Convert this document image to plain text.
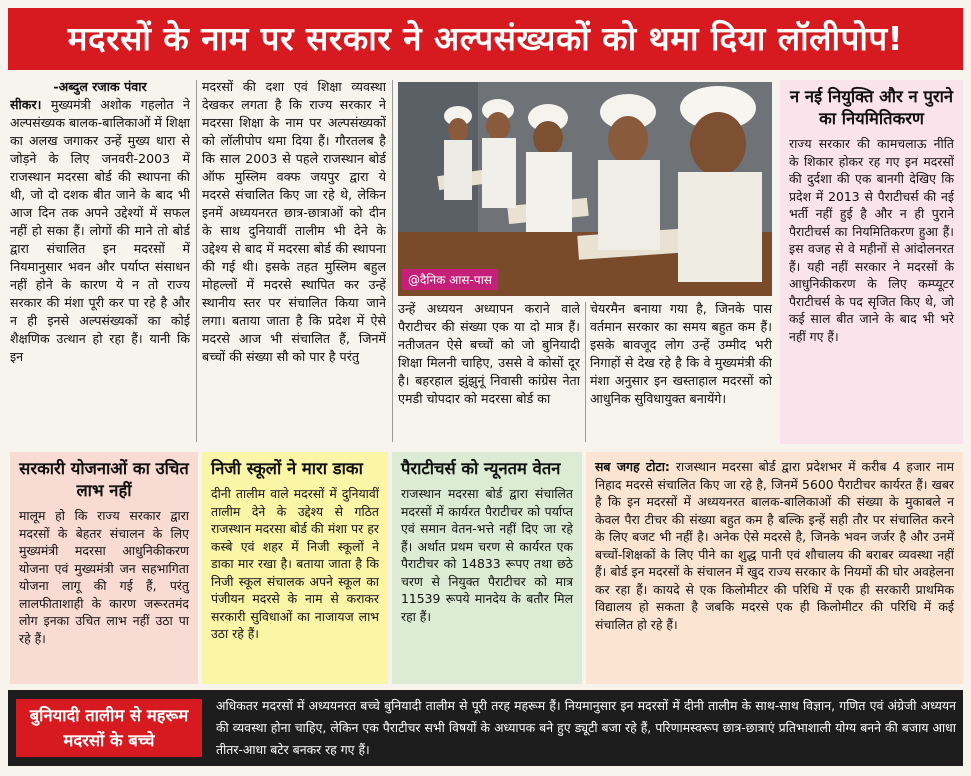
मदरसों के नाम पर सरकार ने अल्पसंख्यकों को थमा दिया लॉलीपोप!
-अब्दुल रजाक पंवार
सीकर। मुख्यमंत्री अशोक गहलोत ने अल्पसंख्यक बालक-बालिकाओं में शिक्षा का अलख जगाकर उन्हें मुख्य धारा से जोड़ने के लिए जनवरी-2003 में राजस्थान मदरसा बोर्ड की स्थापना की थी, जो दो दशक बीत जाने के बाद भी आज दिन तक अपने उद्देश्यों में सफल नहीं हो सका हैं। लोगों की माने तो बोर्ड द्वारा संचालित इन मदरसों में नियमानुसार भवन और पर्याप्त संसाधन नहीं होने के कारण ये न तो राज्य सरकार की मंशा पूरी कर पा रहे है और न ही इनसे अल्पसंख्यकों का कोई शैक्षणिक उत्थान हो रहा हैं। यानी कि इन
मदरसों की दशा एवं शिक्षा व्यवस्था देखकर लगता है कि राज्य सरकार ने मदरसा शिक्षा के नाम पर अल्पसंख्यकों को लॉलीपोप थमा दिया हैं। गौरतलब है कि साल 2003 से पहले राजस्थान बोर्ड ऑफ मुस्लिम वक्फ जयपुर द्वारा ये मदरसे संचालित किए जा रहे थे, लेकिन इनमें अध्ययनरत छात्र-छात्राओं को दीन के साथ दुनियावीं तालीम भी देने के उद्देश्य से बाद में मदरसा बोर्ड की स्थापना की गई थी। इसके तहत मुस्लिम बहुल मोहल्लों में मदरसे स्थापित कर उन्हें स्थानीय स्तर पर संचालित किया जाने लगा। बताया जाता है कि प्रदेश में ऐसे मदरसे आज भी संचालित हैं, जिनमें बच्चों की संख्या सौ को पार है परंतु
@दैनिक आस-पास
उन्हें अध्ययन अध्यापन कराने वाले पैराटीचर की संख्या एक या दो मात्र हैं। नतीजतन ऐसे बच्चों को जो बुनियादी शिक्षा मिलनी चाहिए, उससे वे कोसों दूर है। बहरहाल झुंझुनूं निवासी कांग्रेस नेता एमडी चोपदार को मदरसा बोर्ड का
चेयरमैन बनाया गया है, जिनके पास वर्तमान सरकार का समय बहुत कम हैं। इसके बावजूद लोग उन्हें उम्मीद भरी निगाहों से देख रहे है कि वे मुख्यमंत्री की मंशा अनुसार इन खस्ताहाल मदरसों को आधुनिक सुविधायुक्त बनायेंगे।
न नई नियुक्ति और न पुराने का नियमितिकरण
राज्य सरकार की कामचलाऊ नीति के शिकार होकर रह गए इन मदरसों की दुर्दशा की एक बानगी देखिए कि प्रदेश में 2013 से पैराटीचर्स की नई भर्ती नहीं हुई है और न ही पुराने पैराटीचर्स का नियमितिकरण हुआ हैं। इस वजह से वे महीनों से आंदोलनरत हैं। यही नहीं सरकार ने मदरसों के आधुनिकीकरण के लिए कम्प्यूटर पैराटीचर्स के पद सृजित किए थे, जो कई साल बीत जाने के बाद भी भरे नहीं गए हैं।
सरकारी योजनाओं का उचित लाभ नहीं
मालूम हो कि राज्य सरकार द्वारा मदरसों के बेहतर संचालन के लिए मुख्यमंत्री मदरसा आधुनिकीकरण योजना एवं मुख्यमंत्री जन सहभागिता योजना लागू की गई हैं, परंतु लालफीताशाही के कारण जरूरतमंद लोग इनका उचित लाभ नहीं उठा पा रहे हैं।
निजी स्कूलों ने मारा डाका
दीनी तालीम वाले मदरसों में दुनियावीं तालीम देने के उद्देश्य से गठित राजस्थान मदरसा बोर्ड की मंशा पर हर कस्बे एवं शहर में निजी स्कूलों ने डाका मार रखा है। बताया जाता है कि निजी स्कूल संचालक अपने स्कूल का पंजीयन मदरसे के नाम से कराकर सरकारी सुविधाओं का नाजायज लाभ उठा रहे हैं।
पैराटीचर्स को न्यूनतम वेतन
राजस्थान मदरसा बोर्ड द्वारा संचालित मदरसों में कार्यरत पैराटीचर को पर्याप्त एवं समान वेतन-भत्ते नहीं दिए जा रहे हैं। अर्थात प्रथम चरण से कार्यरत एक पैराटीचर को 14833 रूपए तथा छठे चरण से नियुक्त पैराटीचर को मात्र 11539 रूपये मानदेय के बतौर मिल रहा हैं।
सब जगह टोटा: राजस्थान मदरसा बोर्ड द्वारा प्रदेशभर में करीब 4 हजार नाम निहाद मदरसे संचालित किए जा रहे है, जिनमें 5600 पैराटीचर कार्यरत हैं। खबर है कि इन मदरसों में अध्ययनरत बालक-बालिकाओं की संख्या के मुकाबले न केवल पैरा टीचर की संख्या बहुत कम है बल्कि इन्हें सही तौर पर संचालित करने के लिए बजट भी नहीं है। अनेक ऐसे मदरसे है, जिनके भवन जर्जर है और उनमें बच्चों-शिक्षकों के लिए पीने का शुद्ध पानी एवं शौचालय की बराबर व्यवस्था नहीं हैं। बोर्ड इन मदरसों के संचालन में खुद राज्य सरकार के नियमों की घोर अवहेलना कर रहा हैं। कायदे से एक किलोमीटर की परिधि में एक ही सरकारी प्राथमिक विद्यालय हो सकता है जबकि मदरसे एक ही किलोमीटर की परिधि में कई संचालित हो रहे हैं।
बुनियादी तालीम से महरूम मदरसों के बच्चे
अधिकतर मदरसों में अध्ययनरत बच्चे बुनियादी तालीम से पूरी तरह महरूम हैं। नियमानुसार इन मदरसों में दीनी तालीम के साथ-साथ विज्ञान, गणित एवं अंग्रेजी अध्ययन की व्यवस्था होना चाहिए, लेकिन एक पैराटीचर सभी विषयों के अध्यापक बने हुए ड्यूटी बजा रहे हैं, परिणामस्वरूप छात्र-छात्राएं प्रतिभाशाली योग्य बनने की बजाय आधा तीतर-आधा बटेर बनकर रह गए हैं।
